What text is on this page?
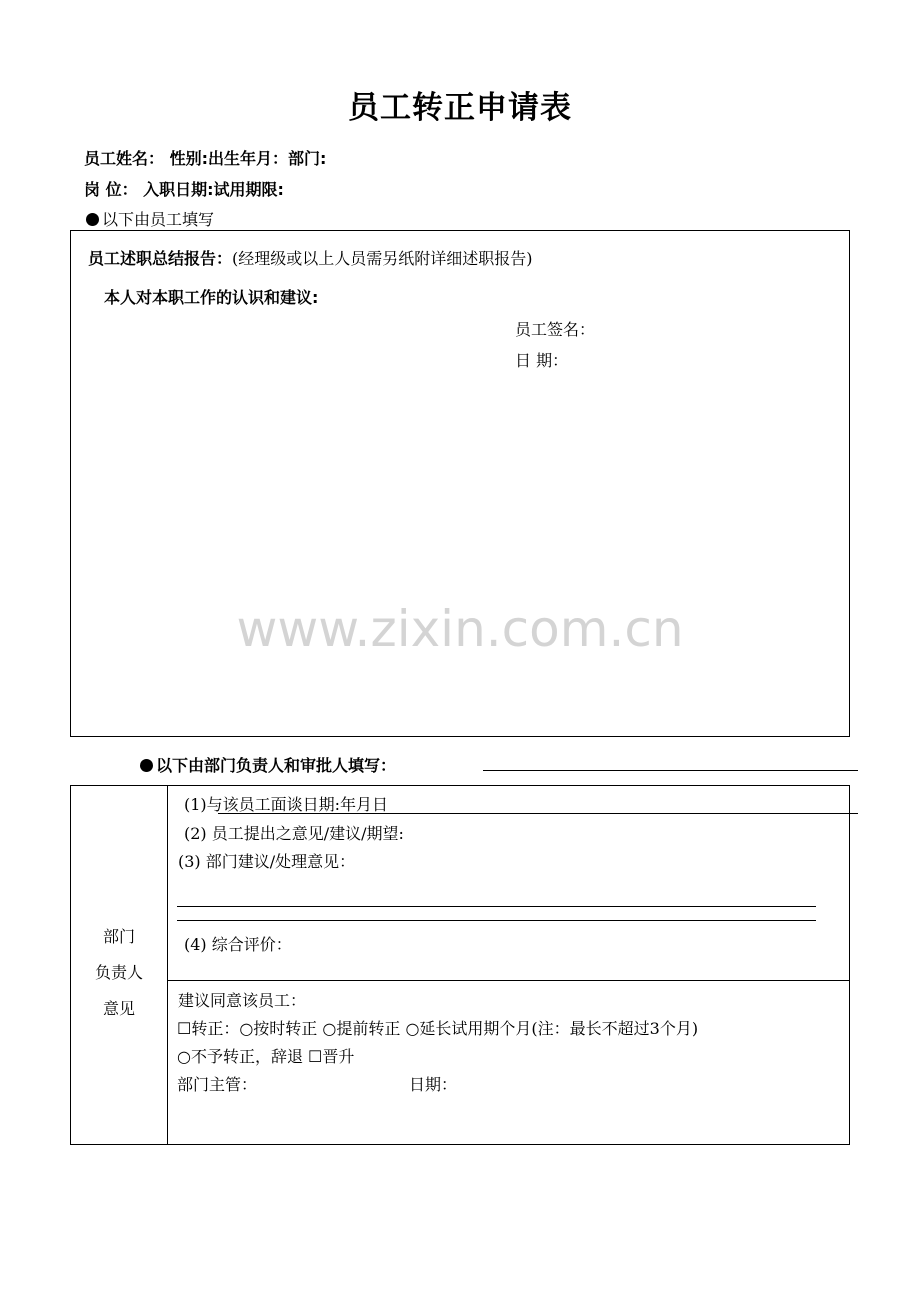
员工转正申请表
员工姓名： 性别:出生年月：部门:
岗 位： 入职日期:试用期限:
以下由员工填写
员工述职总结报告：(经理级或以上人员需另纸附详细述职报告)
本人对本职工作的认识和建议:
员工签名：
日 期：
www.zixin.com.cn
以下由部门负责人和审批人填写：
部门
负责人
意见
(1)与该员工面谈日期:年月日
(2) 员工提出之意见/建议/期望:
(3) 部门建议/处理意见：
(4) 综合评价：
建议同意该员工：
☐转正：○按时转正 ○提前转正 ○延长试用期个月(注：最长不超过3个月)
○不予转正，辞退 ☐晋升
部门主管：	日期：
